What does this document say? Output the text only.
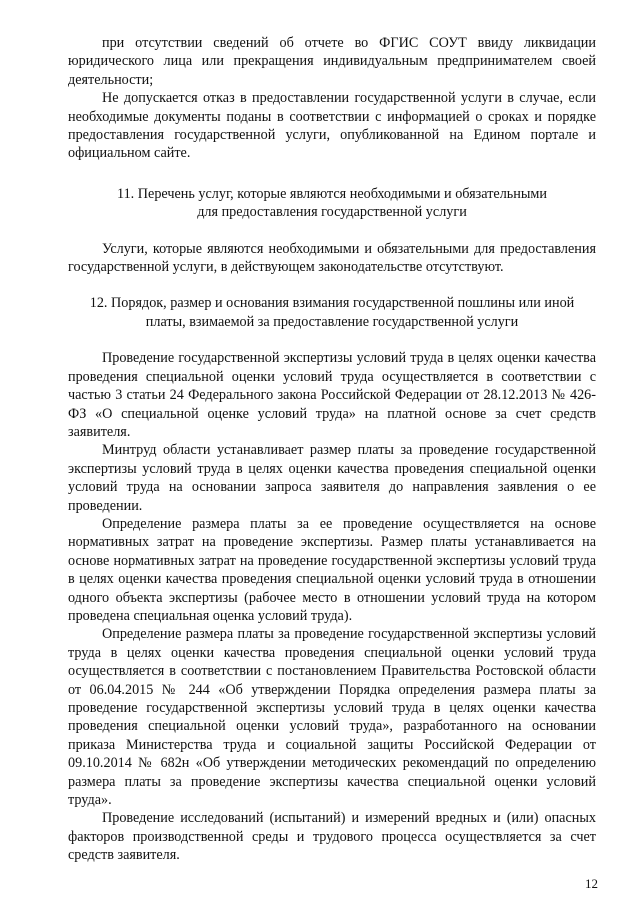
при отсутствии сведений об отчете во ФГИС СОУТ ввиду ликвидации юридического лица или прекращения индивидуальным предпринимателем своей деятельности;

Не допускается отказ в предоставлении государственной услуги в случае, если необходимые документы поданы в соответствии с информацией о сроках и порядке предоставления государственной услуги, опубликованной на Едином портале и официальном сайте.

11. Перечень услуг, которые являются необходимыми и обязательными

для предоставления государственной услуги

Услуги, которые являются необходимыми и обязательными для предоставления государственной услуги, в действующем законодательстве отсутствуют.

12. Порядок, размер и основания взимания государственной пошлины или иной

платы, взимаемой за предоставление государственной услуги

Проведение государственной экспертизы условий труда в целях оценки качества проведения специальной оценки условий труда осуществляется в соответствии с частью 3 статьи 24 Федерального закона Российской Федерации от 28.12.2013 № 426-ФЗ «О специальной оценке условий труда» на платной основе за счет средств заявителя.

Минтруд области устанавливает размер платы за проведение государственной экспертизы условий труда в целях оценки качества проведения специальной оценки условий труда на основании запроса заявителя до направления заявления о ее проведении.

Определение размера платы за ее проведение осуществляется на основе нормативных затрат на проведение экспертизы. Размер платы устанавливается на основе нормативных затрат на проведение государственной экспертизы условий труда в целях оценки качества проведения специальной оценки условий труда в отношении одного объекта экспертизы (рабочее место в отношении условий труда на котором проведена специальная оценка условий труда).

Определение размера платы за проведение государственной экспертизы условий труда в целях оценки качества проведения специальной оценки условий труда осуществляется в соответствии с постановлением Правительства Ростовской области от 06.04.2015 № 244 «Об утверждении Порядка определения размера платы за проведение государственной экспертизы условий труда в целях оценки качества проведения специальной оценки условий труда», разработанного на основании приказа Министерства труда и социальной защиты Российской Федерации от 09.10.2014 № 682н «Об утверждении методических рекомендаций по определению размера платы за проведение экспертизы качества специальной оценки условий труда».

Проведение исследований (испытаний) и измерений вредных и (или) опасных факторов производственной среды и трудового процесса осуществляется за счет средств заявителя.

12
